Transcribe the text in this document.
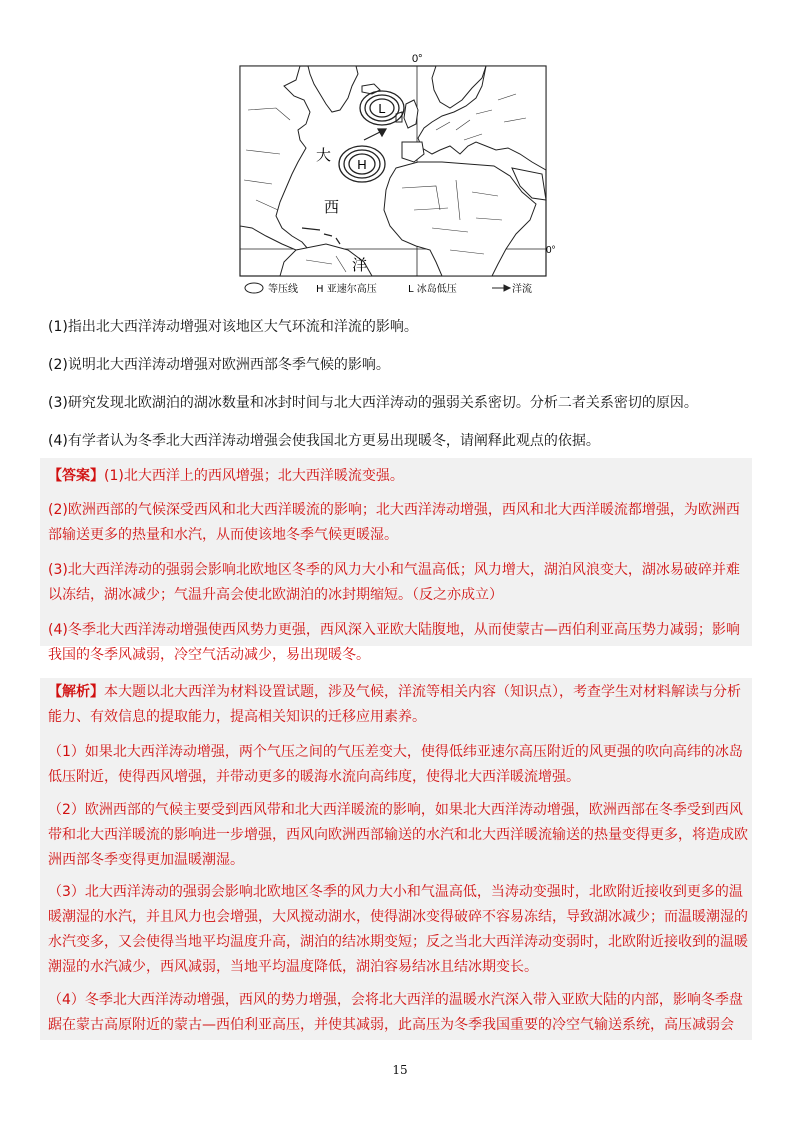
L
H
大
西
洋
0°
0°
等压线 H 亚速尔高压	L 冰岛低压	洋流
(1)指出北大西洋涛动增强对该地区大气环流和洋流的影响。
(2)说明北大西洋涛动增强对欧洲西部冬季气候的影响。
(3)研究发现北欧湖泊的湖冰数量和冰封时间与北大西洋涛动的强弱关系密切。分析二者关系密切的原因。
(4)有学者认为冬季北大西洋涛动增强会使我国北方更易出现暖冬，请阐释此观点的依据。
【答案】(1)北大西洋上的西风增强；北大西洋暖流变强。
(2)欧洲西部的气候深受西风和北大西洋暖流的影响；北大西洋涛动增强，西风和北大西洋暖流都增强，为欧洲西部输送更多的热量和水汽，从而使该地冬季气候更暖湿。
(3)北大西洋涛动的强弱会影响北欧地区冬季的风力大小和气温高低；风力增大，湖泊风浪变大，湖冰易破碎并难以冻结，湖冰减少；气温升高会使北欧湖泊的冰封期缩短。（反之亦成立）
(4)冬季北大西洋涛动增强使西风势力更强，西风深入亚欧大陆腹地，从而使蒙古—西伯利亚高压势力减弱；影响我国的冬季风减弱，冷空气活动减少，易出现暖冬。
【解析】本大题以北大西洋为材料设置试题，涉及气候，洋流等相关内容（知识点），考查学生对材料解读与分析能力、有效信息的提取能力，提高相关知识的迁移应用素养。
（1）如果北大西洋涛动增强，两个气压之间的气压差变大，使得低纬亚速尔高压附近的风更强的吹向高纬的冰岛低压附近，使得西风增强，并带动更多的暖海水流向高纬度，使得北大西洋暖流增强。
（2）欧洲西部的气候主要受到西风带和北大西洋暖流的影响，如果北大西洋涛动增强，欧洲西部在冬季受到西风带和北大西洋暖流的影响进一步增强，西风向欧洲西部输送的水汽和北大西洋暖流输送的热量变得更多，将造成欧洲西部冬季变得更加温暖潮湿。
（3）北大西洋涛动的强弱会影响北欧地区冬季的风力大小和气温高低，当涛动变强时，北欧附近接收到更多的温暖潮湿的水汽，并且风力也会增强，大风搅动湖水，使得湖冰变得破碎不容易冻结，导致湖冰减少；而温暖潮湿的水汽变多，又会使得当地平均温度升高，湖泊的结冰期变短；反之当北大西洋涛动变弱时，北欧附近接收到的温暖潮湿的水汽减少，西风减弱，当地平均温度降低，湖泊容易结冰且结冰期变长。
（4）冬季北大西洋涛动增强，西风的势力增强，会将北大西洋的温暖水汽深入带入亚欧大陆的内部，影响冬季盘踞在蒙古高原附近的蒙古—西伯利亚高压，并使其减弱，此高压为冬季我国重要的冷空气输送系统，高压减弱会
15
